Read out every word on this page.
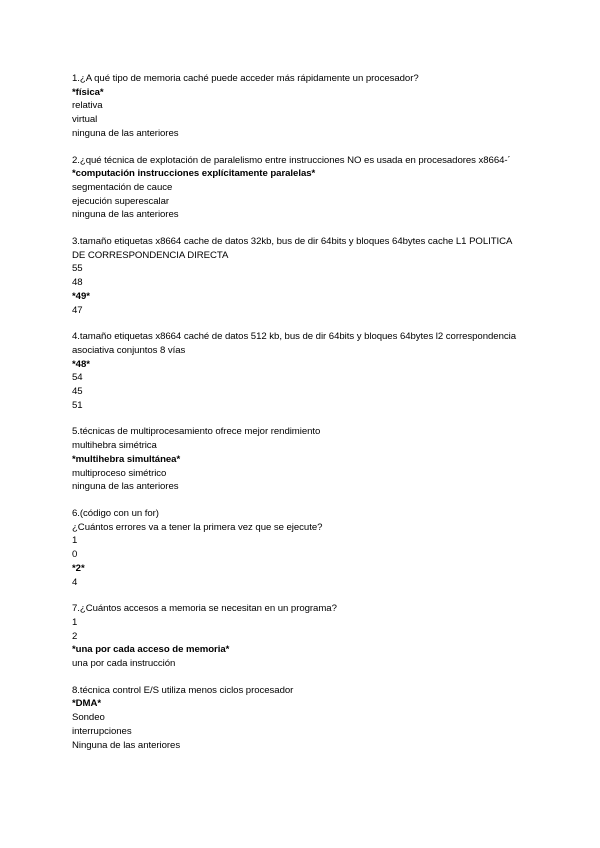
1.¿A qué tipo de memoria caché puede acceder más rápidamente un procesador?
*física*
relativa
virtual
ninguna de las anteriores
2.¿qué técnica de explotación de paralelismo entre instrucciones NO es usada en procesadores x8664-´
*computación instrucciones explícitamente paralelas*
segmentación de cauce
ejecución superescalar
ninguna de las anteriores
3.tamaño etiquetas x8664 cache de datos 32kb, bus de dir 64bits y bloques 64bytes cache L1 POLITICA
DE CORRESPONDENCIA DIRECTA
55
48
*49*
47
4.tamaño etiquetas x8664 caché de datos 512 kb, bus de dir 64bits y bloques 64bytes l2 correspondencia
asociativa conjuntos 8 vías
*48*
54
45
51
5.técnicas de multiprocesamiento ofrece mejor rendimiento
multihebra simétrica
*multihebra simultánea*
multiproceso simétrico
ninguna de las anteriores
6.(código con un for)
¿Cuántos errores va a tener la primera vez que se ejecute?
1
0
*2*
4
7.¿Cuántos accesos a memoria se necesitan en un programa?
1
2
*una por cada acceso de memoria*
una por cada instrucción
8.técnica control E/S utiliza menos ciclos procesador
*DMA*
Sondeo
interrupciones
Ninguna de las anteriores
